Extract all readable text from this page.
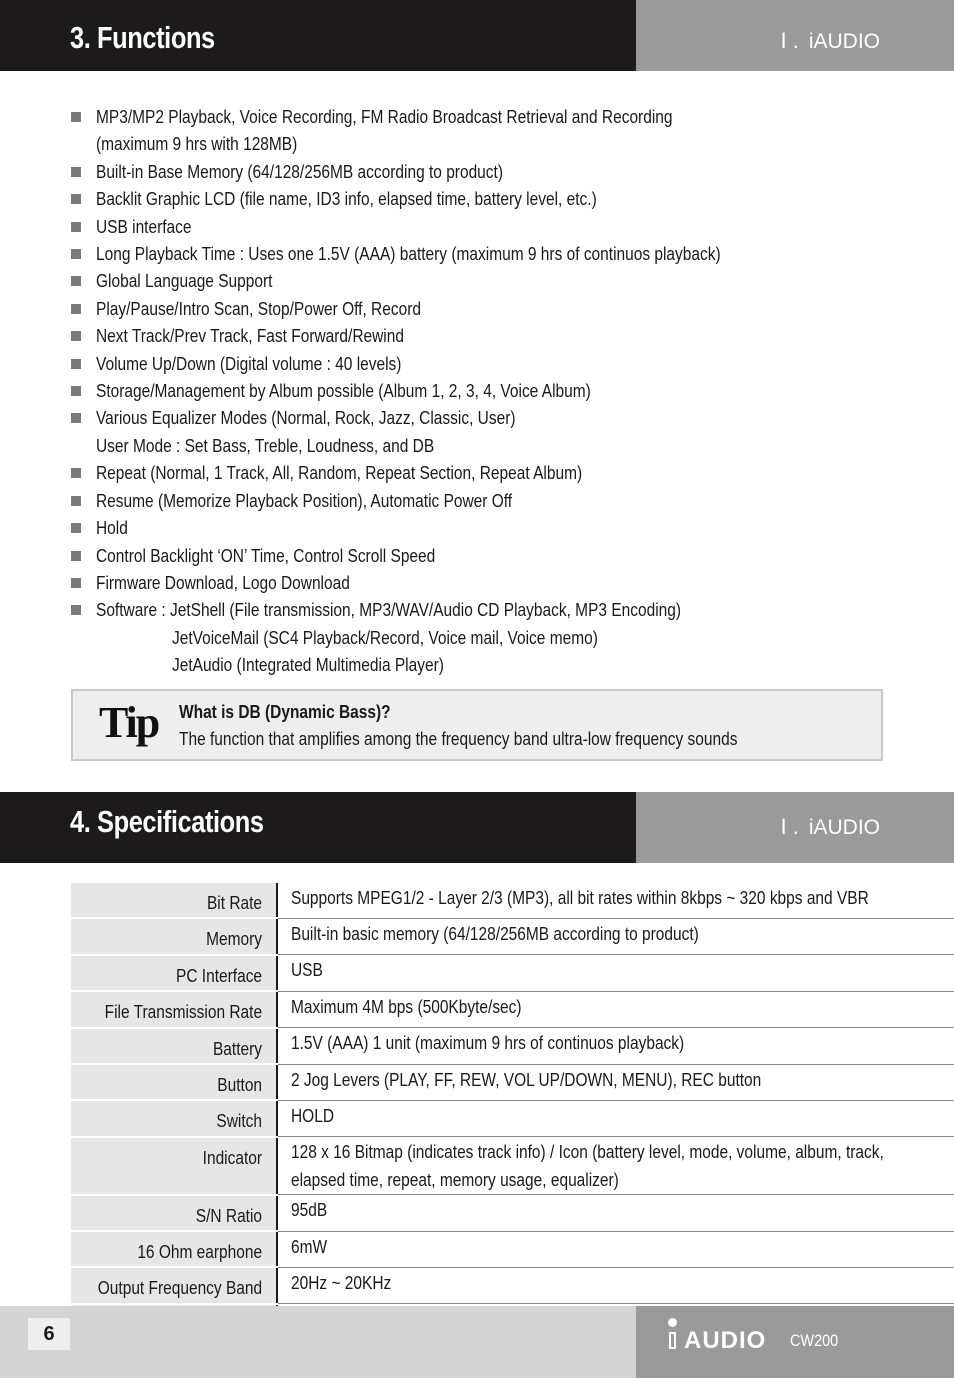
3. Functions	I . iAUDIO
MP3/MP2 Playback, Voice Recording, FM Radio Broadcast Retrieval and Recording
(maximum 9 hrs with 128MB)
Built-in Base Memory (64/128/256MB according to product)
Backlit Graphic LCD (file name, ID3 info, elapsed time, battery level, etc.)
USB interface
Long Playback Time : Uses one 1.5V (AAA) battery (maximum 9 hrs of continuos playback)
Global Language Support
Play/Pause/Intro Scan, Stop/Power Off, Record
Next Track/Prev Track, Fast Forward/Rewind
Volume Up/Down (Digital volume : 40 levels)
Storage/Management by Album possible (Album 1, 2, 3, 4, Voice Album)
Various Equalizer Modes (Normal, Rock, Jazz, Classic, User)
User Mode : Set Bass, Treble, Loudness, and DB
Repeat (Normal, 1 Track, All, Random, Repeat Section, Repeat Album)
Resume (Memorize Playback Position), Automatic Power Off
Hold
Control Backlight ‘ON’ Time, Control Scroll Speed
Firmware Download, Logo Download
Software : JetShell (File transmission, MP3/WAV/Audio CD Playback, MP3 Encoding)
JetVoiceMail (SC4 Playback/Record, Voice mail, Voice memo)
JetAudio (Integrated Multimedia Player)
Tip What is DB (Dynamic Bass)?
The function that amplifies among the frequency band ultra-low frequency sounds
4. Specifications	I . iAUDIO
Bit Rate	Supports MPEG1/2 - Layer 2/3 (MP3), all bit rates within 8kbps ~ 320 kbps and VBR

Memory	Built-in basic memory (64/128/256MB according to product)

PC Interface	USB

File Transmission Rate	Maximum 4M bps (500Kbyte/sec)

Battery	1.5V (AAA) 1 unit (maximum 9 hrs of continuos playback)

Button	2 Jog Levers (PLAY, FF, REW, VOL UP/DOWN, MENU), REC button

Switch	HOLD

Indicator	128 x 16 Bitmap (indicates track info) / Icon (battery level, mode, volume, album, track,
elapsed time, repeat, memory usage, equalizer)

S/N Ratio	95dB

16 Ohm earphone	6mW

Output Frequency Band	20Hz ~ 20KHz

6	AUDIO CW200
